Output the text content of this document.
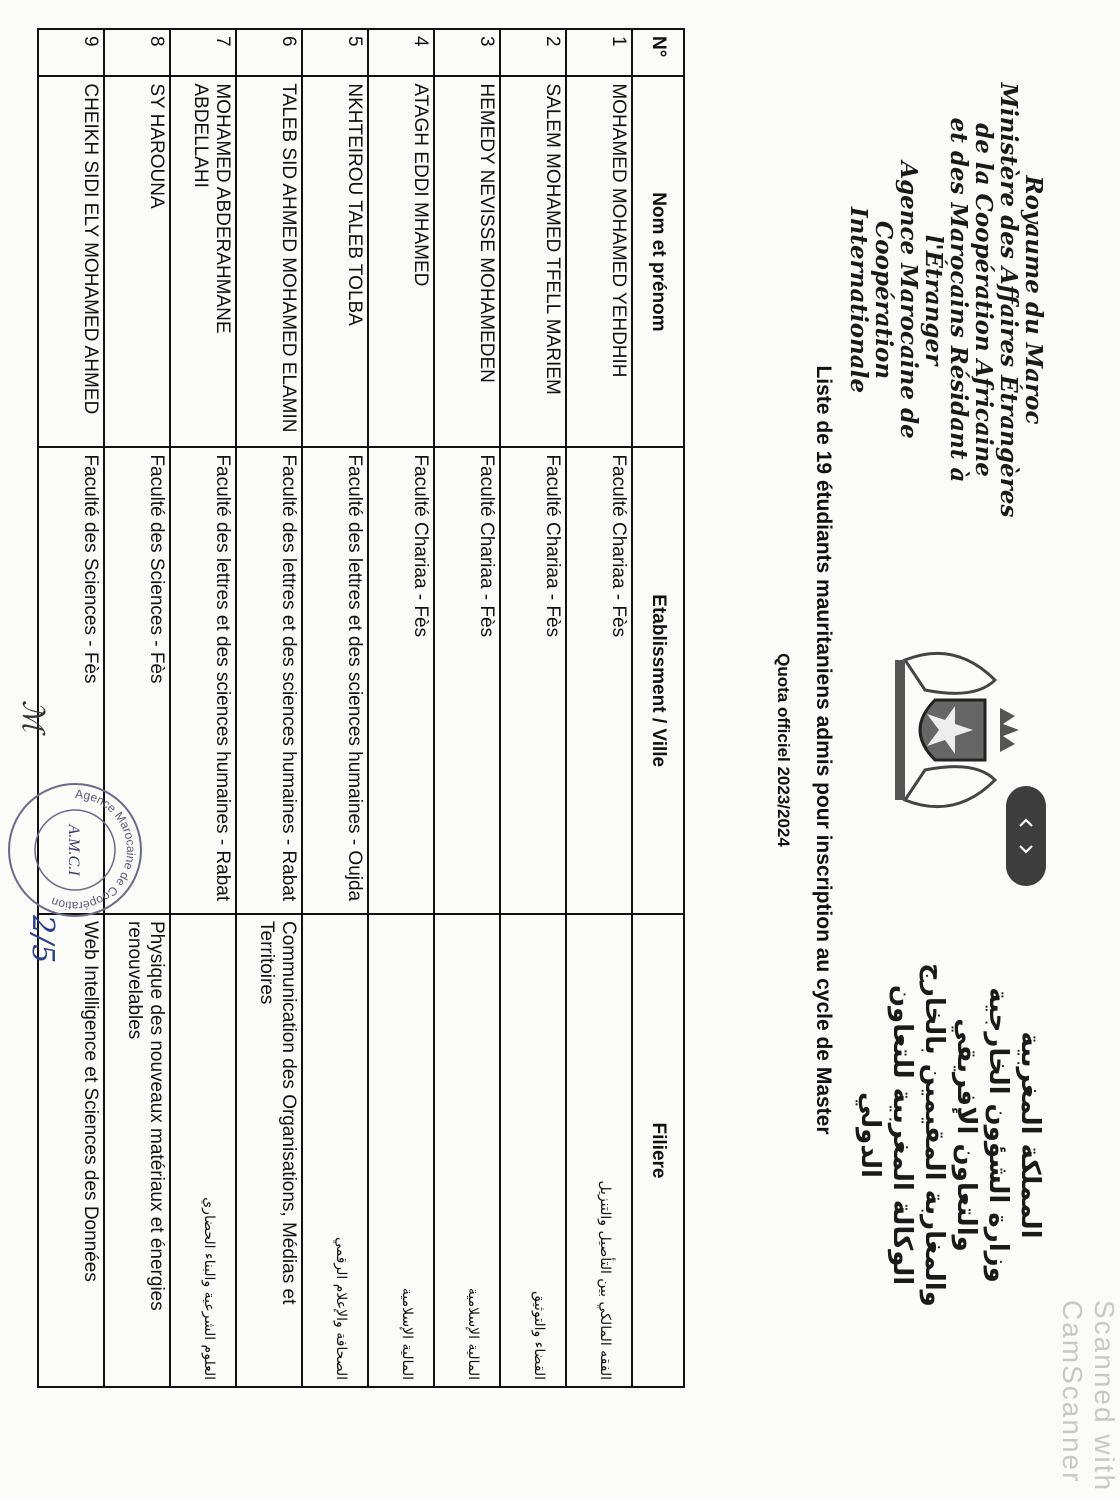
Royaume du Maroc
Ministère des Affaires Étrangères
de la Coopération Africaine
et des Marocains Résidant à l'Étranger
Agence Marocaine de Coopération
Internationale
المملكة المغربية
وزارة الشؤون الخارجية
والتعاون الإفريقي
والمغاربة المقيمين بالخارج
الوكالة المغربية للتعاون
الدولي
Liste de 19 étudiants mauritaniens admis pour inscription au cycle de Master
Quota officiel 2023/2024
N°	Nom et prénom	Etablissment / Ville	Filiere
1	MOHAMED MOHAMED YEHDHIH	Faculté Chariaa - Fès	الفقه المالكي بين التأصيل والتنزيل

2	SALEM MOHAMED TFELL MARIEM	Faculté Chariaa - Fès	القضاء والتوثيق

3	HEMEDY NEVISSE MOHAMEDEN	Faculté Chariaa - Fès	المالية الإسلامية

4	ATAGH EDDI MHAMED	Faculté Chariaa - Fès	المالية الإسلامية

5	NKHTEIROU TALEB TOLBA	Faculté des lettres et des sciences humaines - Oujda	الصحافة والإعلام الرقمي

6	TALEB SID AHMED MOHAMED ELAMIN	Faculté des lettres et des sciences humaines - Rabat	Communication des Organisations, Médias et Territoires

7	MOHAMED ABDERAHMANE ABDELLAHI	Faculté des lettres et des sciences humaines - Rabat	العلوم الشرعية والبناء الحضاري

8	SY HAROUNA	Faculté des Sciences - Fès	Physique des nouveaux matériaux et énergies renouvelables

9	CHEIKH SIDI ELY MOHAMED AHMED	Faculté des Sciences - Fès	Web Intelligence et Sciences des Données
Agence Marocaine de Coopération
A.M.C.I
ℳ
2/5
Scanned with CamScanner
